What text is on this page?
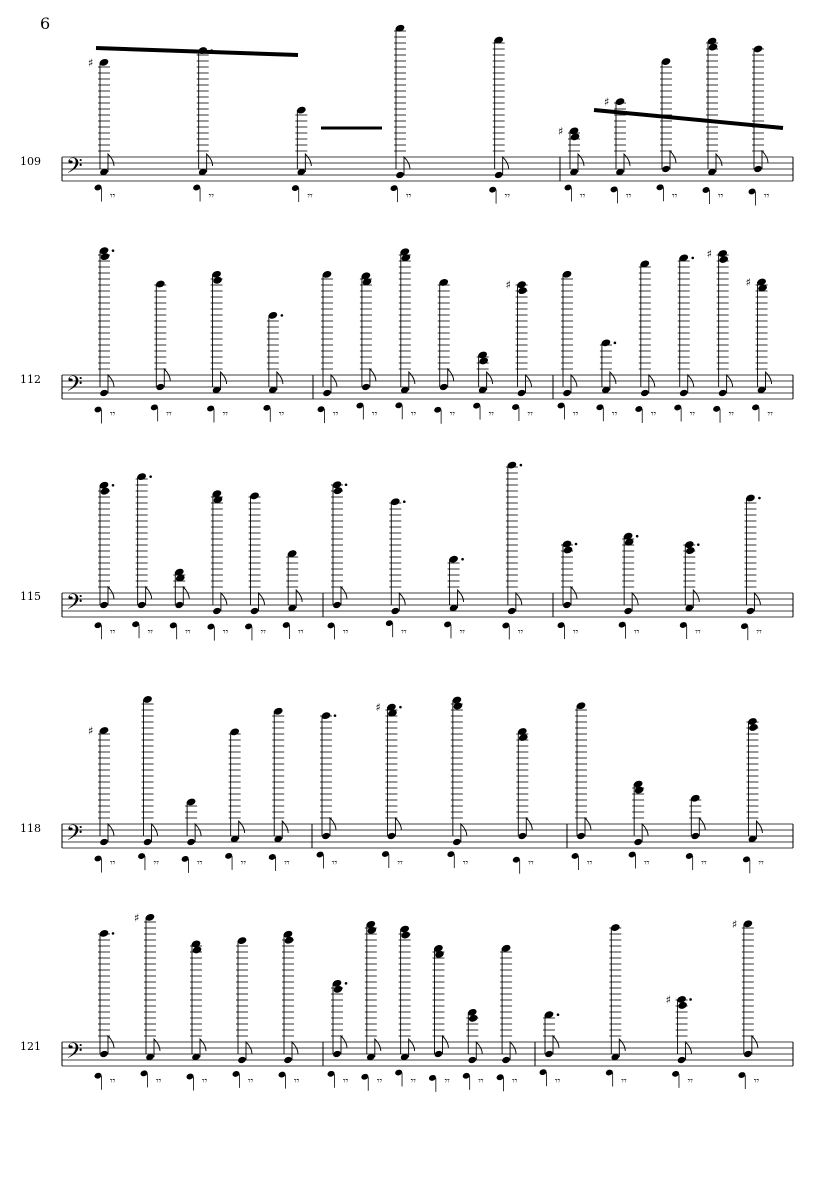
6
109
112
115
118
121
𝄢
𝄾𝄾
♯
𝄾𝄾	𝄾𝄾	𝄾𝄾	𝄾𝄾	𝄾𝄾
♯
𝄾𝄾
♯
𝄾𝄾	𝄾𝄾	𝄾𝄾
𝄢
𝄾𝄾	𝄾𝄾	𝄾𝄾	𝄾𝄾	𝄾𝄾	𝄾𝄾	𝄾𝄾	𝄾𝄾	𝄾𝄾	𝄾𝄾
♯
𝄾𝄾	𝄾𝄾	𝄾𝄾	𝄾𝄾	𝄾𝄾
♯
𝄾𝄾
♯
𝄢
𝄾𝄾	𝄾𝄾	𝄾𝄾	𝄾𝄾	𝄾𝄾	𝄾𝄾	𝄾𝄾	𝄾𝄾	𝄾𝄾	𝄾𝄾	𝄾𝄾	𝄾𝄾	𝄾𝄾	𝄾𝄾
𝄢
𝄾𝄾
♯
𝄾𝄾	𝄾𝄾	𝄾𝄾	𝄾𝄾	𝄾𝄾	𝄾𝄾
♯
𝄾𝄾	𝄾𝄾	𝄾𝄾	𝄾𝄾	𝄾𝄾	𝄾𝄾
𝄢
𝄾𝄾	𝄾𝄾
♯
𝄾𝄾	𝄾𝄾	𝄾𝄾	𝄾𝄾	𝄾𝄾	𝄾𝄾	𝄾𝄾	𝄾𝄾	𝄾𝄾	𝄾𝄾	𝄾𝄾	𝄾𝄾
♯
𝄾𝄾
♯
